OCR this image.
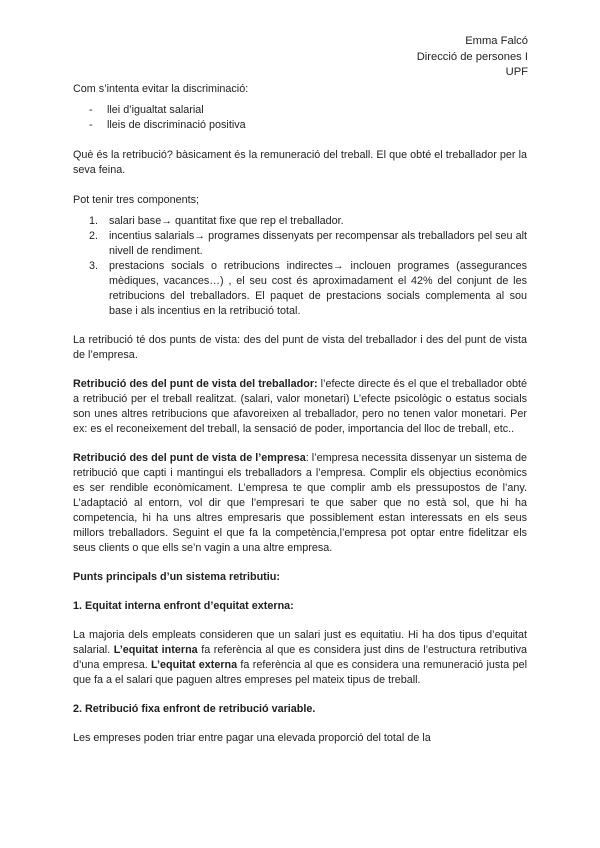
Emma Falcó
Direcció de persones I
UPF

Com s’intenta evitar la discriminació:

- llei d’igualtat salarial
- lleis de discriminació positiva

Què és la retribució? bàsicament és la remuneració del treball. El que obté el treballador per la seva feina.

Pot tenir tres components;

1. salari base→ quantitat fixe que rep el treballador.
2. incentius salarials→ programes dissenyats per recompensar als treballadors pel seu alt nivell de rendiment.
3. prestacions socials o retribucions indirectes→ inclouen programes (assegurances mèdiques, vacances…) , el seu cost és aproximadament el 42% del conjunt de les retribucions del treballadors. El paquet de prestacions socials complementa al sou base i als incentius en la retribució total.

La retribució té dos punts de vista: des del punt de vista del treballador i des del punt de vista de l’empresa.

Retribució des del punt de vista del treballador: l’efecte directe és el que el treballador obté a retribució per el treball realitzat. (salari, valor monetari) L’efecte psicològic o estatus socials son unes altres retribucions que afavoreixen al treballador, pero no tenen valor monetari. Per ex: es el reconeixement del treball, la sensació de poder, importancia del lloc de treball, etc..

Retribució des del punt de vista de l’empresa: l’empresa necessita dissenyar un sistema de retribució que capti i mantingui els treballadors a l’empresa. Complir els objectius econòmics es ser rendible econòmicament. L’empresa te que complir amb els pressupostos de l’any. L’adaptació al entorn, vol dir que l’empresari te que saber que no està sol, que hi ha competencia, hi ha uns altres empresaris que possiblement estan interessats en els seus millors treballadors. Seguint el que fa la competència,l’empresa pot optar entre fidelitzar els seus clients o que ells se’n vagin a una altre empresa.

Punts principals d’un sistema retributiu:

1. Equitat interna enfront d’equitat externa:

La majoria dels empleats consideren que un salari just es equitatiu. Hi ha dos tipus d’equitat salarial. L’equitat interna fa referència al que es considera just dins de l’estructura retributiva d’una empresa. L’equitat externa fa referència al que es considera una remuneració justa pel que fa a el salari que paguen altres empreses pel mateix tipus de treball.

2. Retribució fixa enfront de retribució variable.

Les empreses poden triar entre pagar una elevada proporció del total de la
